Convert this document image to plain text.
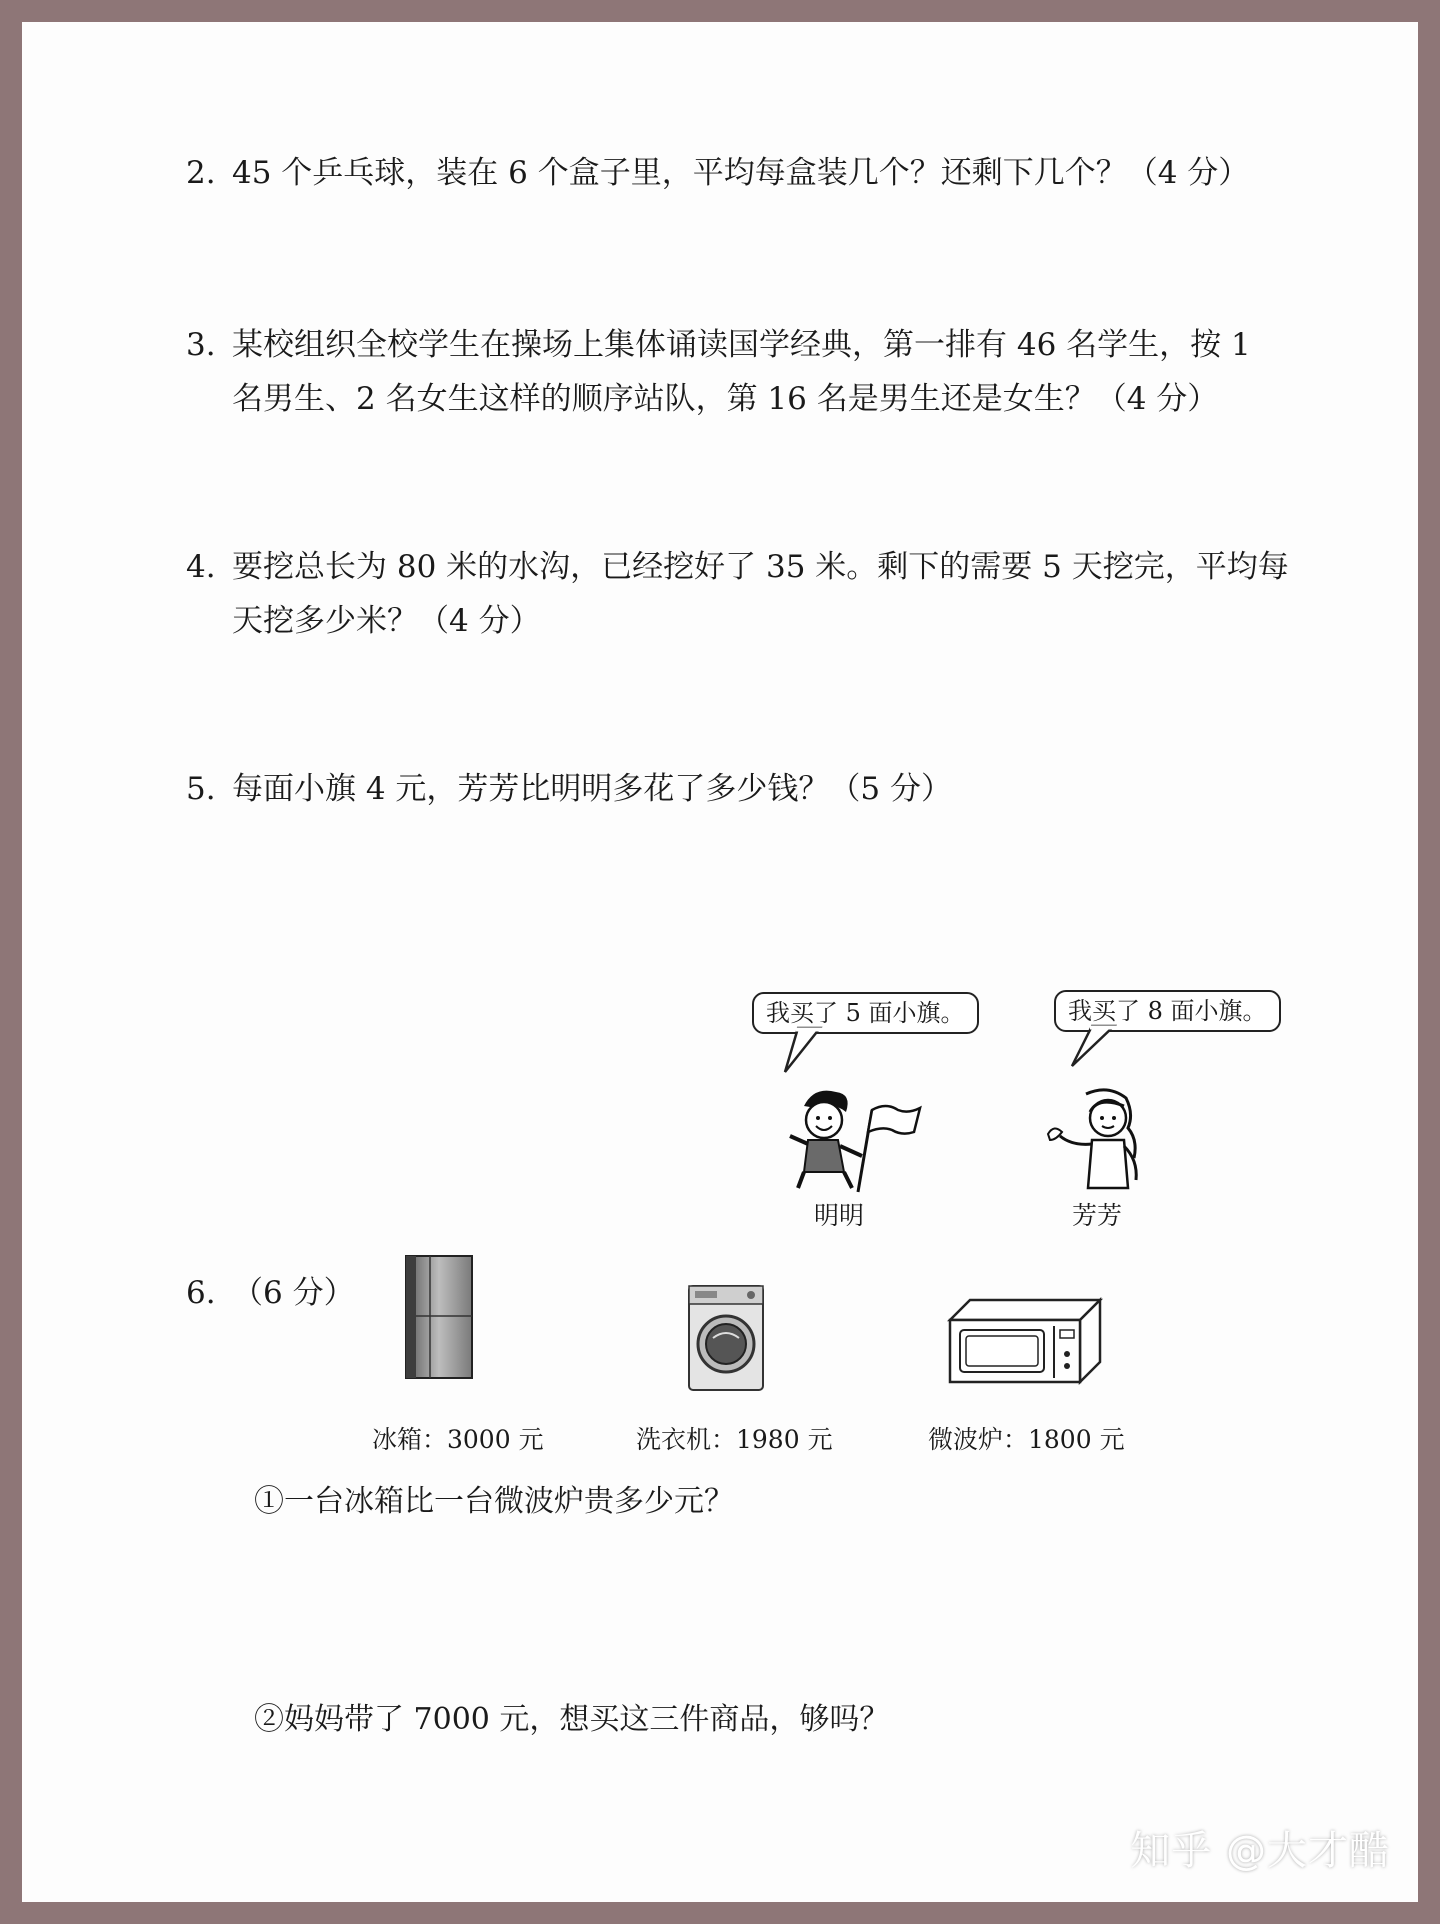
2. 45 个乒乓球，装在 6 个盒子里，平均每盒装几个？还剩下几个？（4 分）
3. 某校组织全校学生在操场上集体诵读国学经典，第一排有 46 名学生，按 1
名男生、2 名女生这样的顺序站队，第 16 名是男生还是女生？（4 分）
4. 要挖总长为 80 米的水沟，已经挖好了 35 米。剩下的需要 5 天挖完，平均每
天挖多少米？（4 分）
5. 每面小旗 4 元，芳芳比明明多花了多少钱？（5 分）
我买了 5 面小旗。	我买了 8 面小旗。
明明	芳芳
6. （6 分）
冰箱：3000 元	洗衣机：1980 元	微波炉：1800 元
①一台冰箱比一台微波炉贵多少元？
②妈妈带了 7000 元，想买这三件商品，够吗？
知乎 @大才酷
